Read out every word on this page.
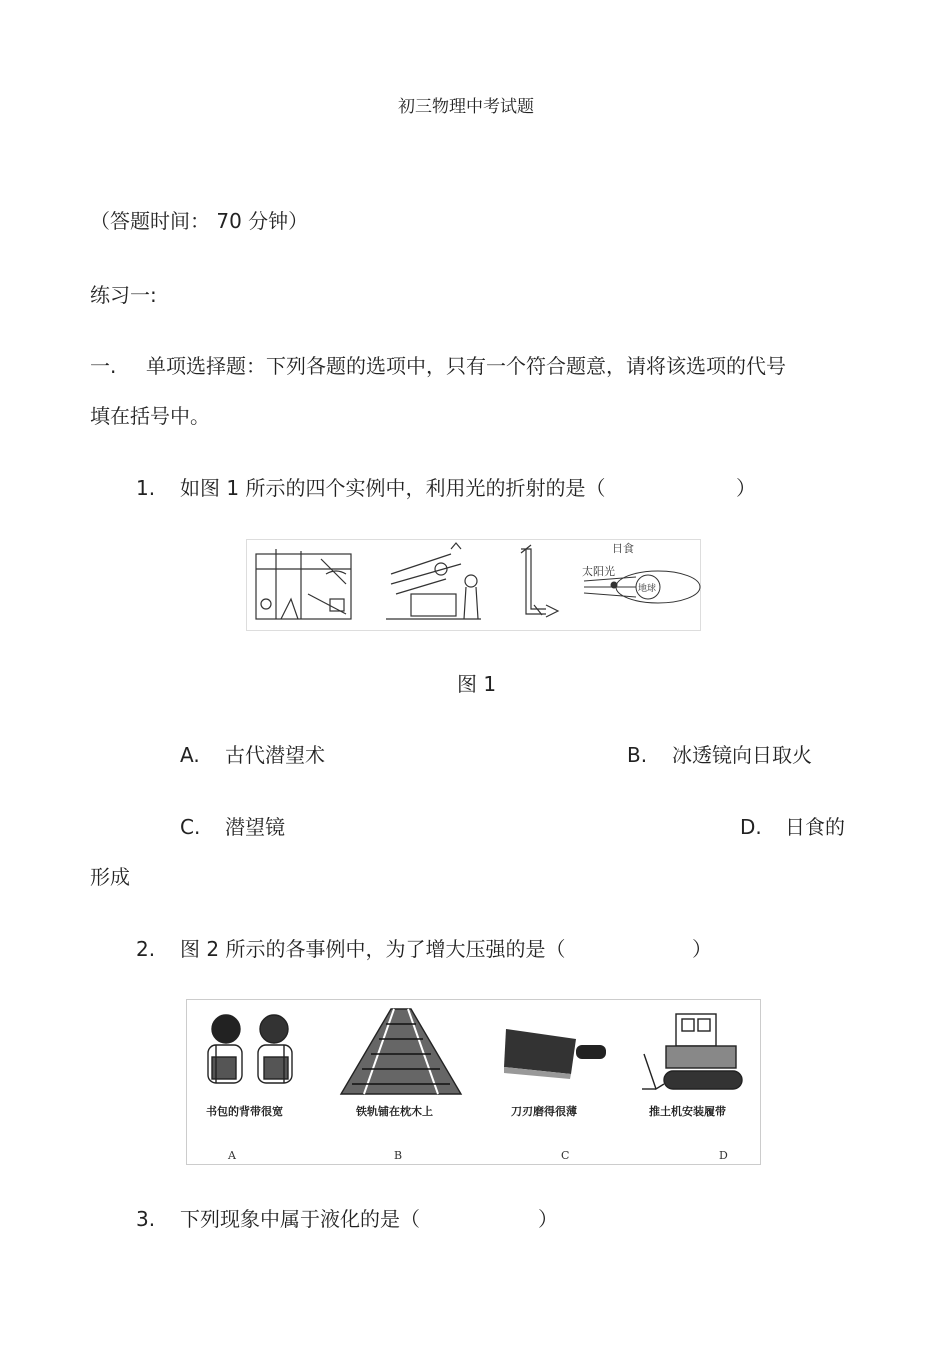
初三物理中考试题
（答题时间： 70 分钟）
练习一:
一. 单项选择题：下列各题的选项中，只有一个符合题意，请将该选项的代号
填在括号中。
1. 如图 1 所示的四个实例中，利用光的折射的是（	）
日食
太阳光
地球
图 1
A. 古代潜望术	B. 冰透镜向日取火
C. 潜望镜	D. 日食的
形成
2. 图 2 所示的各事例中，为了增大压强的是（	）
书包的背带很宽	铁轨铺在枕木上	刀刃磨得很薄	推土机安装履带
A	B	C	D
3. 下列现象中属于液化的是（	）
